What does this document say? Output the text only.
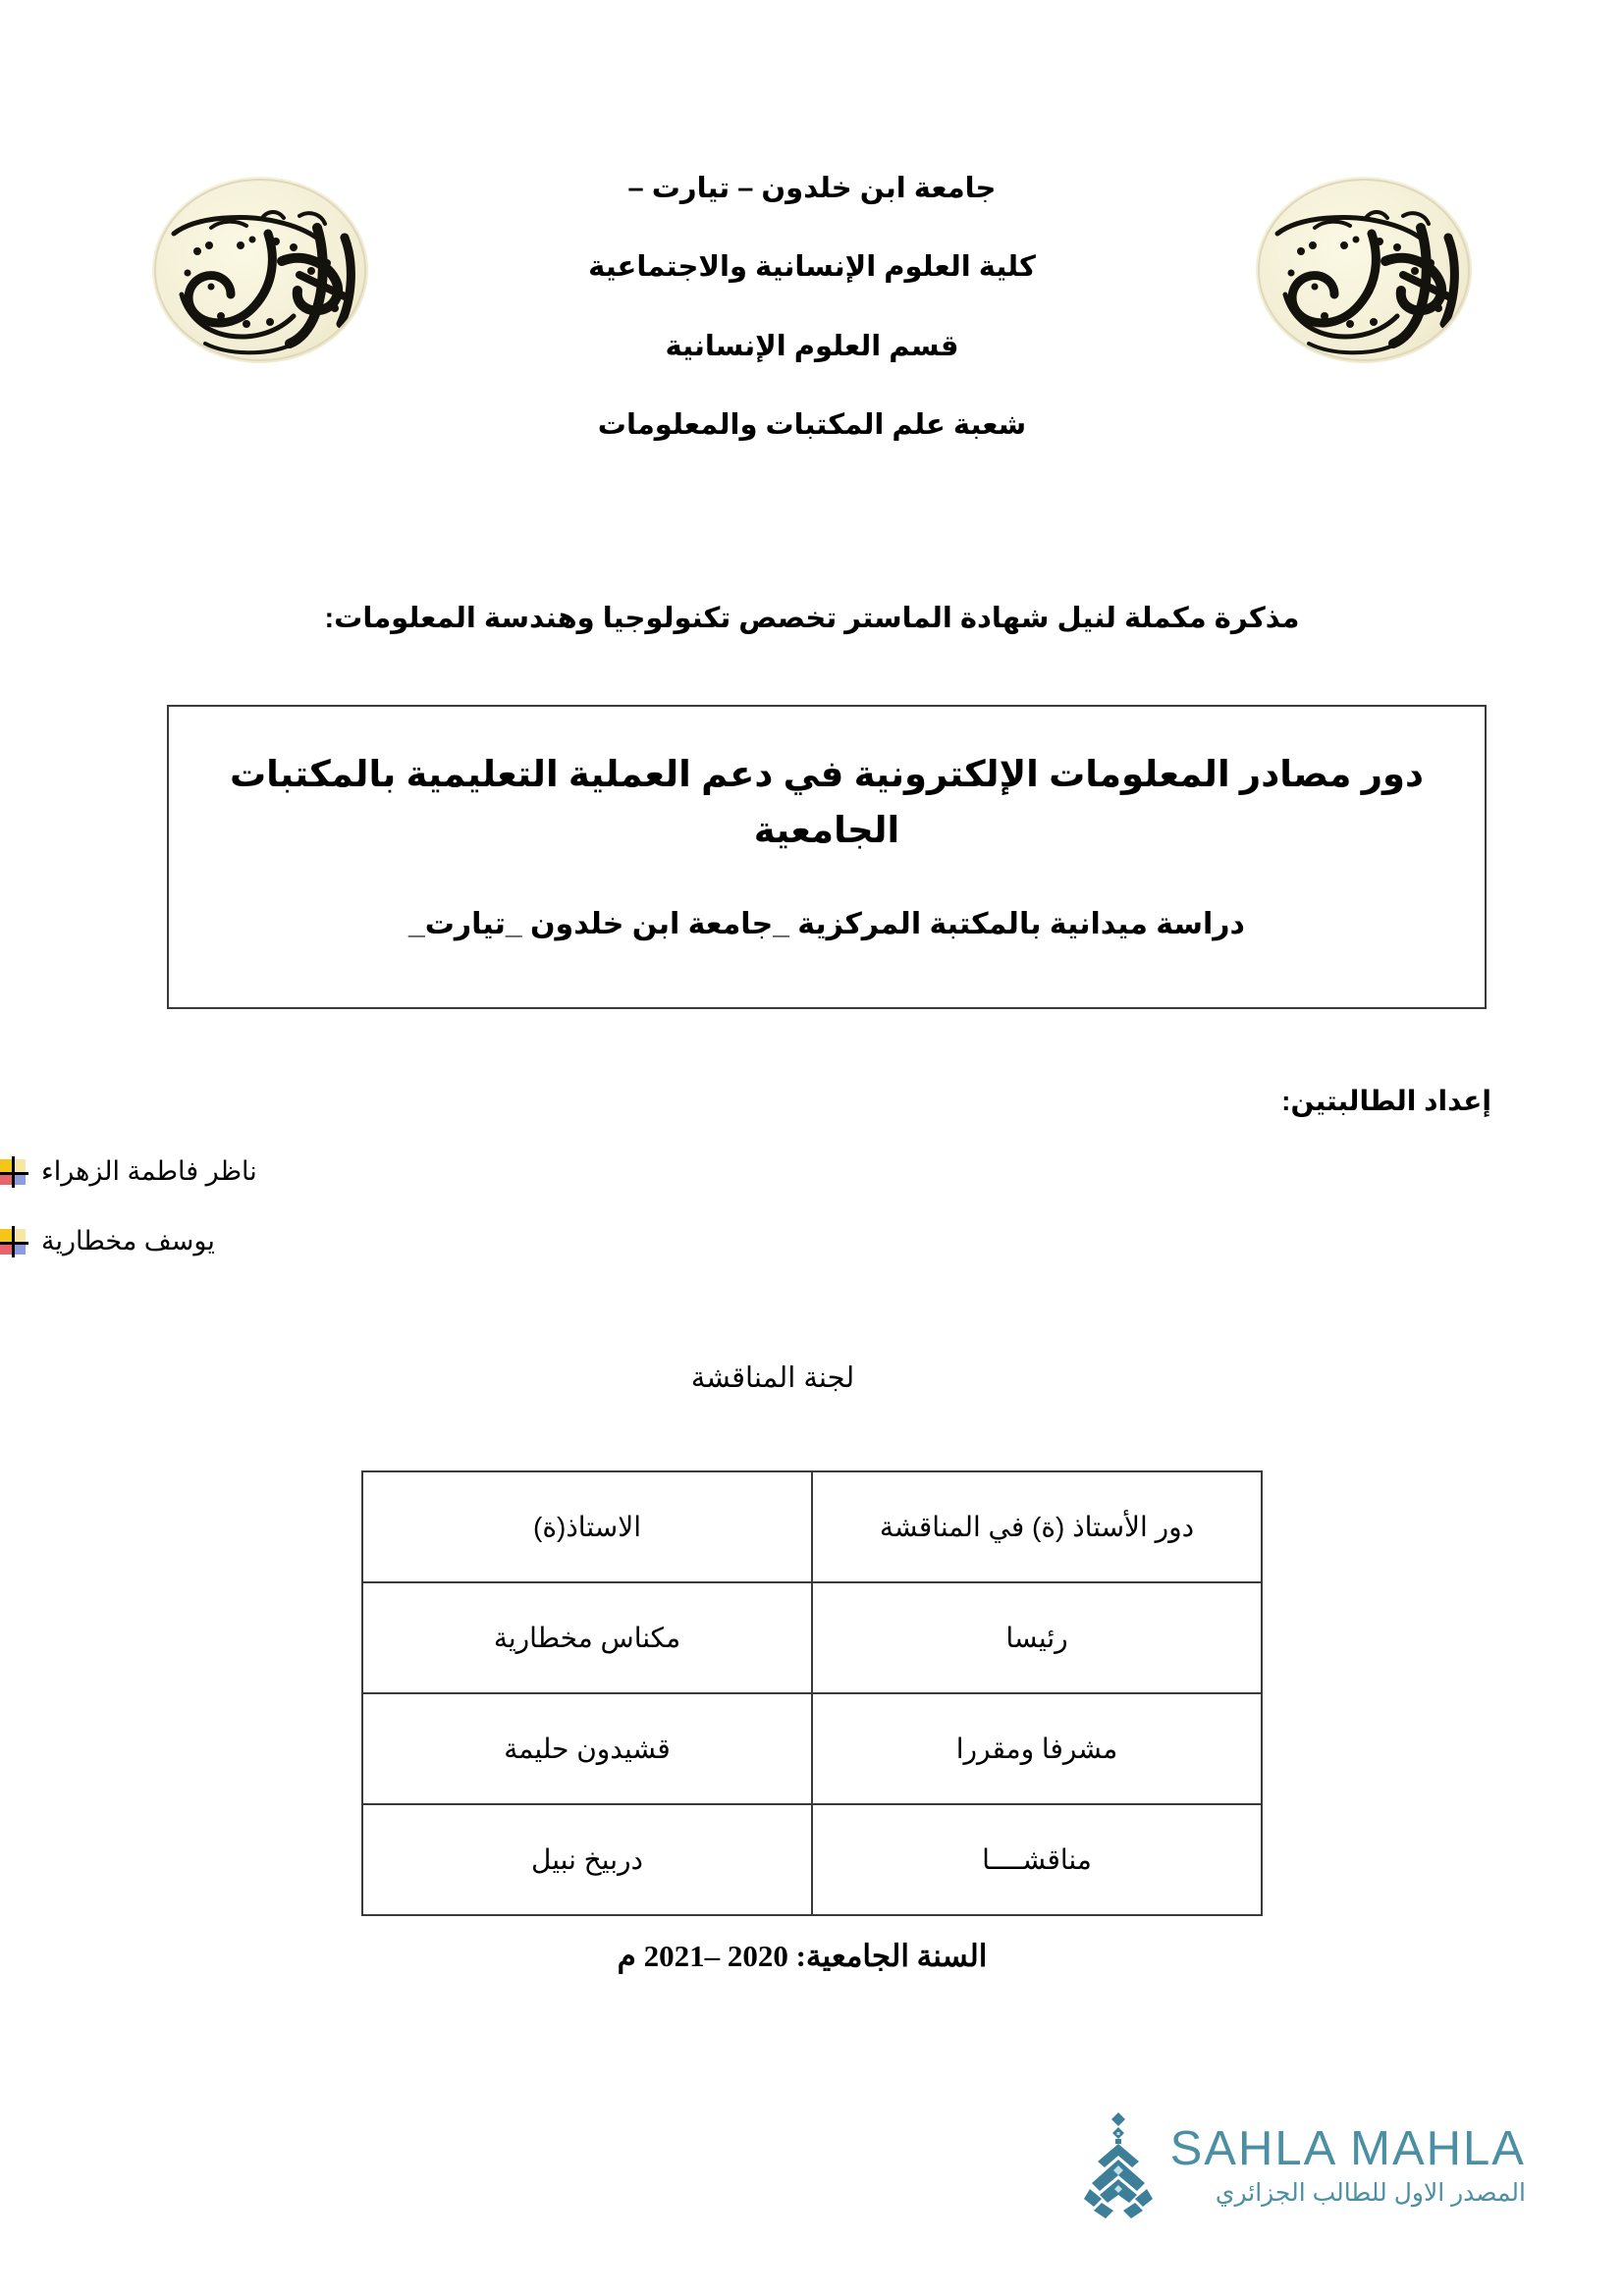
جامعة ابن خلدون – تيارت –
كلية العلوم الإنسانية والاجتماعية
قسم العلوم الإنسانية
شعبة علم المكتبات والمعلومات
مذكرة مكملة لنيل شهادة الماستر تخصص تكنولوجيا وهندسة المعلومات:
دور مصادر المعلومات الإلكترونية في دعم العملية التعليمية بالمكتبات الجامعية
دراسة ميدانية بالمكتبة المركزية _جامعة ابن خلدون _تيارت_
إعداد الطالبتين:
ناظر فاطمة الزهراء
يوسف مخطارية
لجنة المناقشة
دور الأستاذ (ة) في المناقشة	الاستاذ(ة)
رئيسا	مكناس مخطارية
مشرفا ومقررا	قشيدون حليمة
مناقشــــا	دربيخ نبيل
السنة الجامعية: 2020 –2021 م
SAHLA MAHLA
المصدر الاول للطالب الجزائري
